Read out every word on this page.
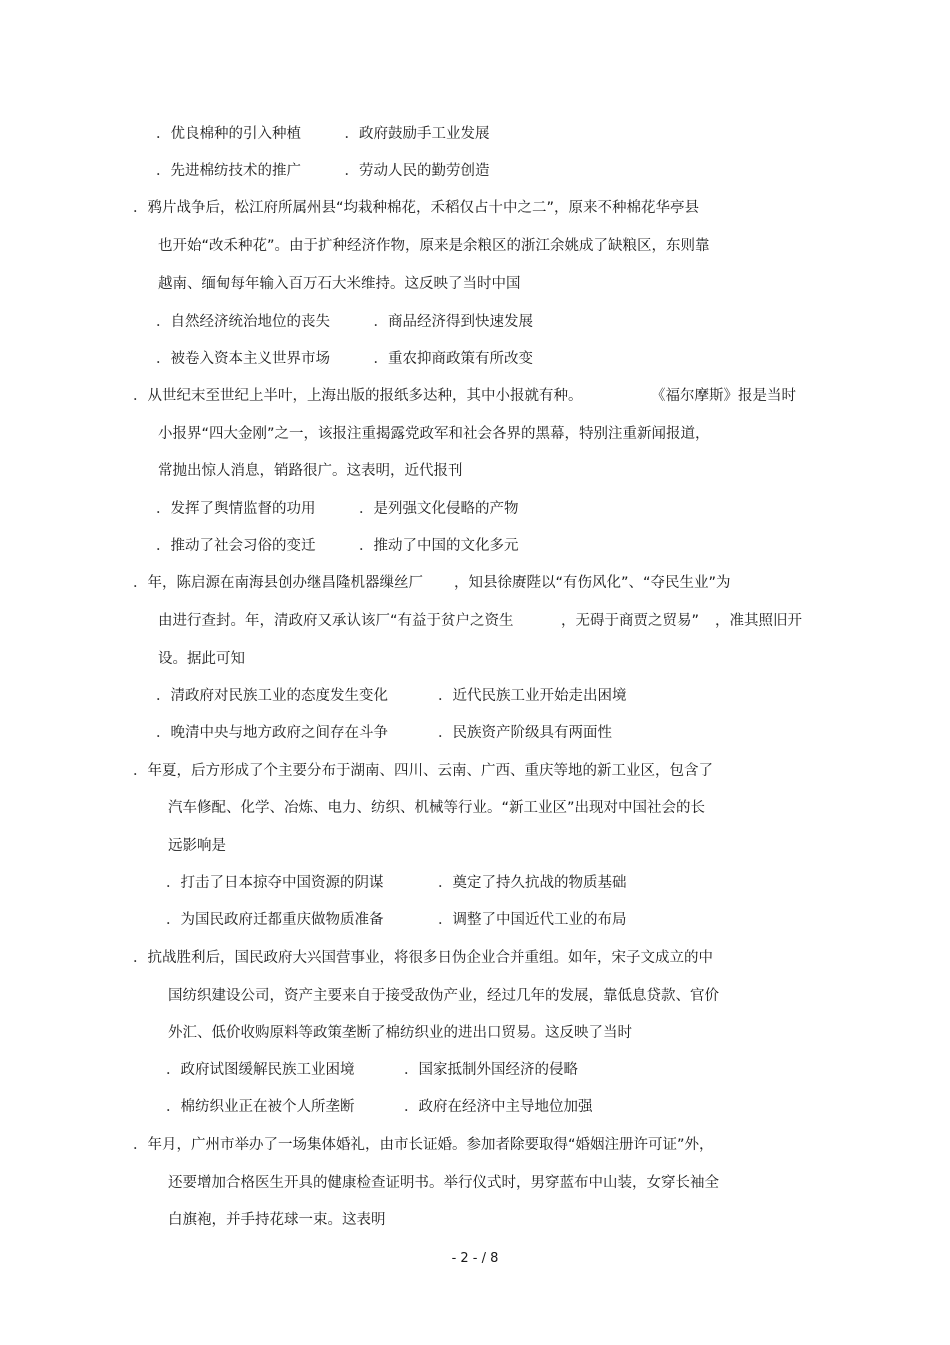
．优良棉种的引入种植　　　．政府鼓励手工业发展
．先进棉纺技术的推广　　　．劳动人民的勤劳创造
．鸦片战争后，松江府所属州县“均栽种棉花，禾稻仅占十中之二”，原来不种棉花华亭县
也开始“改禾种花”。由于扩种经济作物，原来是余粮区的浙江余姚成了缺粮区，东则靠
越南、缅甸每年输入百万石大米维持。这反映了当时中国
．自然经济统治地位的丧失　　　．商品经济得到快速发展
．被卷入资本主义世界市场　　　．重农抑商政策有所改变
．从世纪末至世纪上半叶，上海出版的报纸多达种，其中小报就有种。	《福尔摩斯》报是当时
小报界“四大金刚”之一，该报注重揭露党政军和社会各界的黑幕，特别注重新闻报道，
常抛出惊人消息，销路很广。这表明，近代报刊
．发挥了舆情监督的功用　　　．是列强文化侵略的产物
．推动了社会习俗的变迁　　　．推动了中国的文化多元
．年，陈启源在南海县创办继昌隆机器缫丝厂 ，知县徐赓陛以“有伤风化”、“夺民生业”为
由进行查封。年，清政府又承认该厂“有益于贫户之资生	，无碍于商贾之贸易” ，准其照旧开
设。据此可知
．清政府对民族工业的态度发生变化	．近代民族工业开始走出困境
．晚清中央与地方政府之间存在斗争	．民族资产阶级具有两面性
．年夏，后方形成了个主要分布于湖南、四川、云南、广西、重庆等地的新工业区，包含了
汽车修配、化学、冶炼、电力、纺织、机械等行业。“新工业区”出现对中国社会的长
远影响是
．打击了日本掠夺中国资源的阴谋	．奠定了持久抗战的物质基础
．为国民政府迁都重庆做物质准备	．调整了中国近代工业的布局
．抗战胜利后，国民政府大兴国营事业，将很多日伪企业合并重组。如年，宋子文成立的中
国纺织建设公司，资产主要来自于接受敌伪产业，经过几年的发展，靠低息贷款、官价
外汇、低价收购原料等政策垄断了棉纺织业的进出口贸易。这反映了当时
．政府试图缓解民族工业困境	．国家抵制外国经济的侵略
．棉纺织业正在被个人所垄断	．政府在经济中主导地位加强
．年月，广州市举办了一场集体婚礼，由市长证婚。参加者除要取得“婚姻注册许可证”外，
还要增加合格医生开具的健康检查证明书。举行仪式时，男穿蓝布中山装，女穿长袖全
白旗袍，并手持花球一束。这表明
- 2 - / 8
